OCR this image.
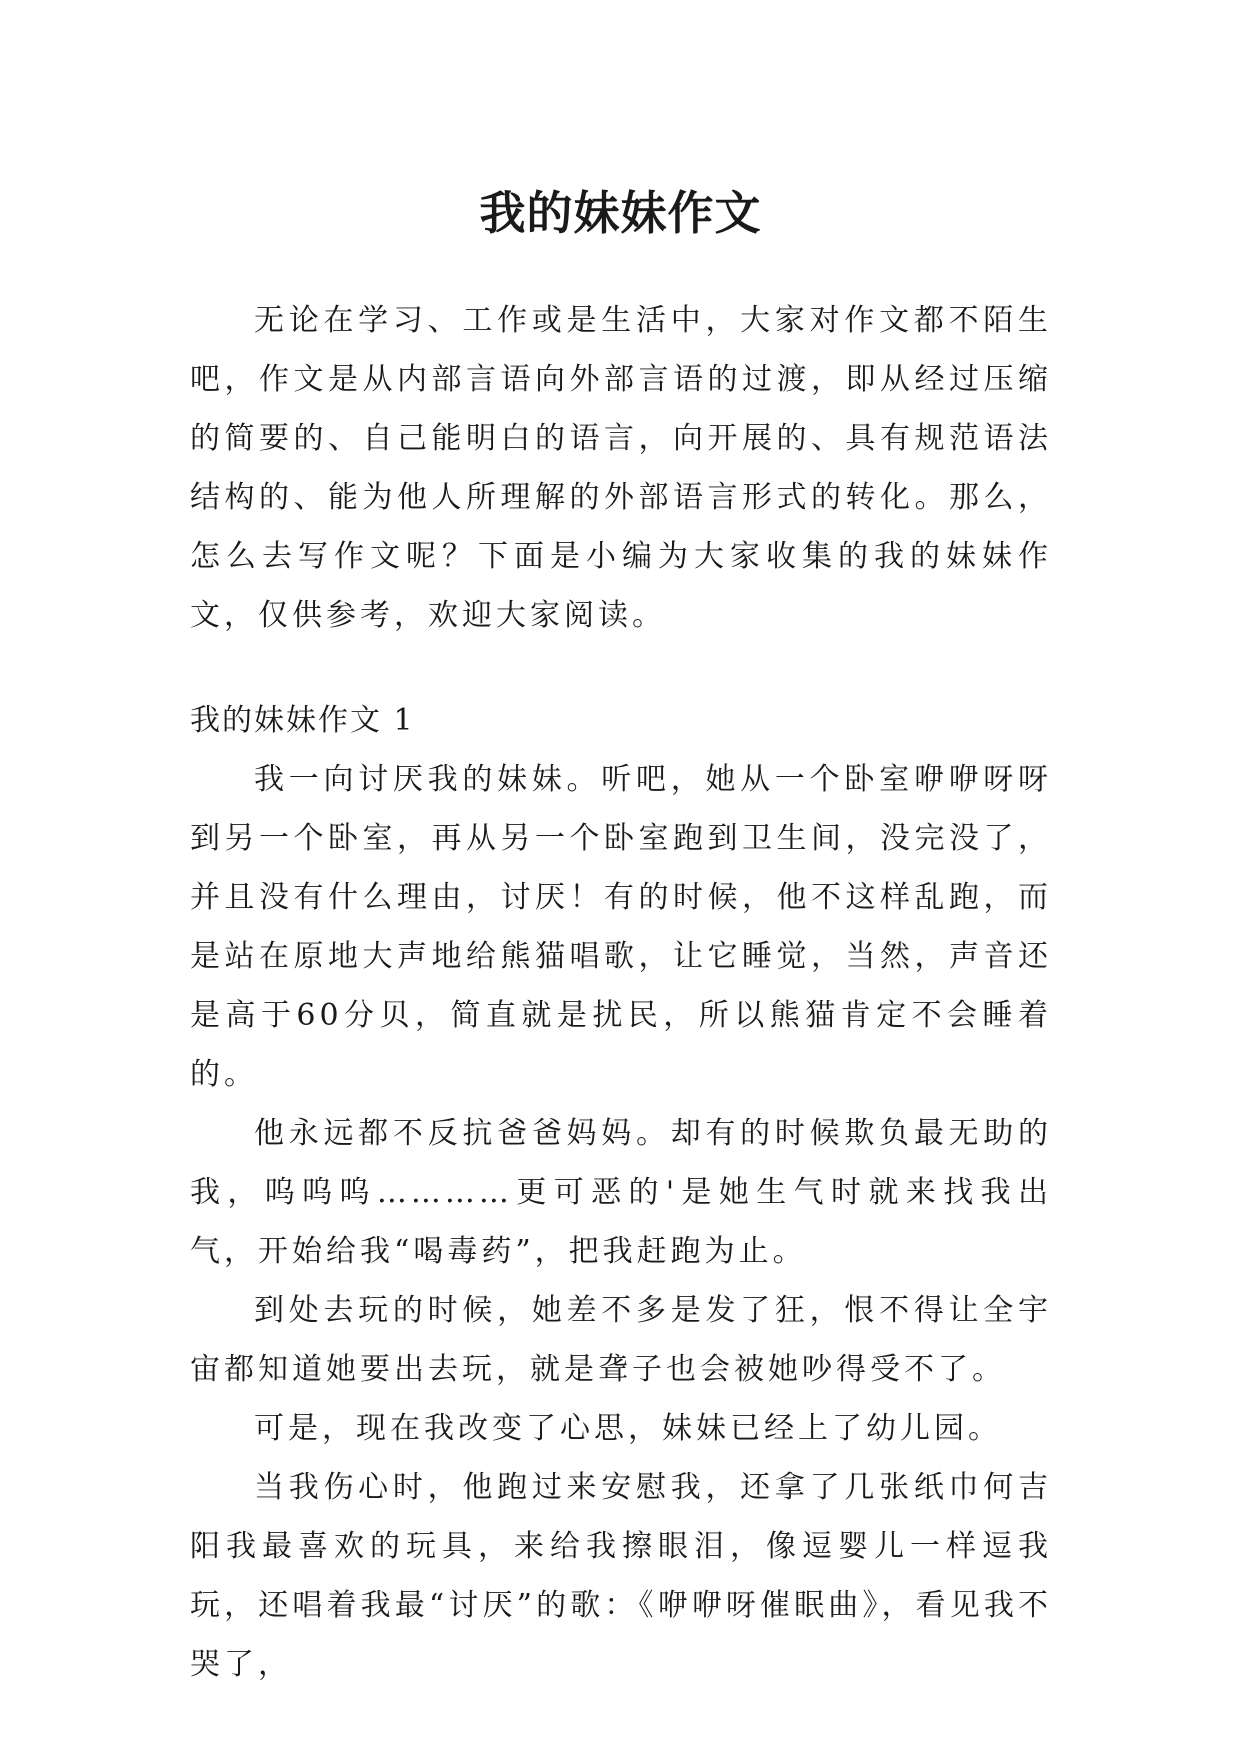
我的妹妹作文

无论在学习、工作或是生活中，大家对作文都不陌生吧，作文是从内部言语向外部言语的过渡，即从经过压缩的简要的、自己能明白的语言，向开展的、具有规范语法结构的、能为他人所理解的外部语言形式的转化。那么，怎么去写作文呢？下面是小编为大家收集的我的妹妹作文，仅供参考，欢迎大家阅读。

我的妹妹作文 1

我一向讨厌我的妹妹。听吧，她从一个卧室咿咿呀呀到另一个卧室，再从另一个卧室跑到卫生间，没完没了，并且没有什么理由，讨厌！有的时候，他不这样乱跑，而是站在原地大声地给熊猫唱歌，让它睡觉，当然，声音还是高于60分贝，简直就是扰民，所以熊猫肯定不会睡着的。

他永远都不反抗爸爸妈妈。却有的时候欺负最无助的我，呜呜呜…………更可恶的'是她生气时就来找我出气，开始给我“喝毒药”，把我赶跑为止。

到处去玩的时候，她差不多是发了狂，恨不得让全宇宙都知道她要出去玩，就是聋子也会被她吵得受不了。

可是，现在我改变了心思，妹妹已经上了幼儿园。

当我伤心时，他跑过来安慰我，还拿了几张纸巾何吉阳我最喜欢的玩具，来给我擦眼泪，像逗婴儿一样逗我玩，还唱着我最“讨厌”的歌：《咿咿呀催眠曲》，看见我不哭了，
